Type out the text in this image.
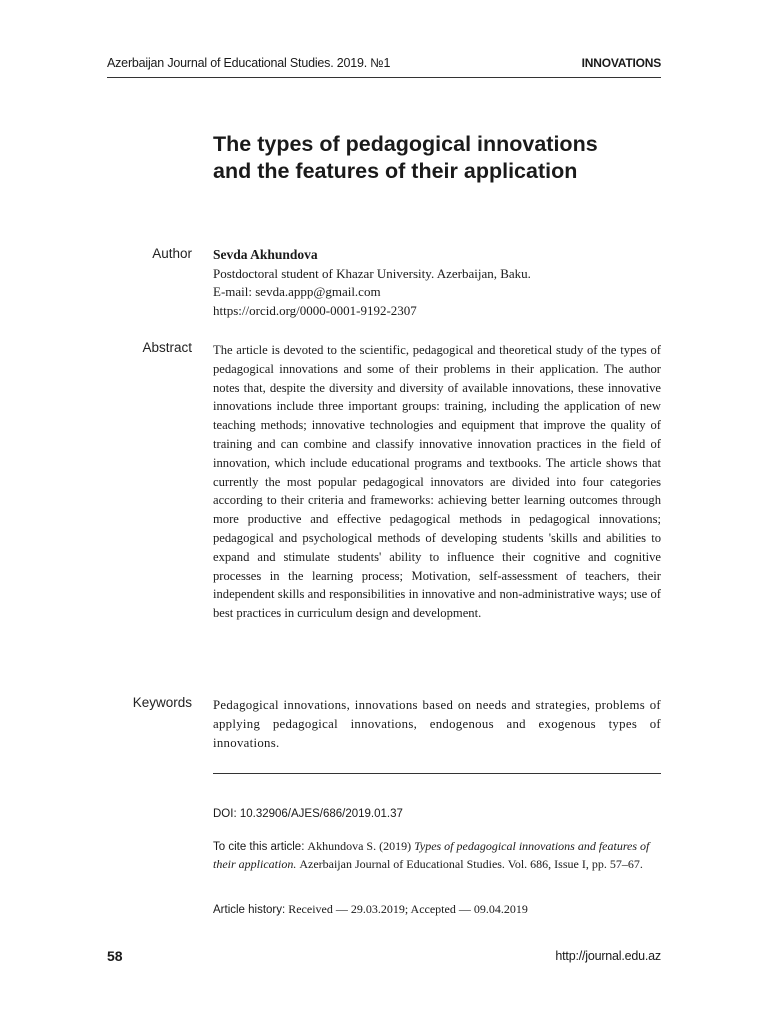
Azerbaijan Journal of Educational Studies. 2019. №1	INNOVATIONS
The types of pedagogical innovations
and the features of their application
Author Sevda Akhundova
Postdoctoral student of Khazar University. Azerbaijan, Baku.
E-mail: sevda.appp@gmail.com
https://orcid.org/0000-0001-9192-2307
Abstract The article is devoted to the scientific, pedagogical and theoretical study of the types of pedagogical innovations and some of their problems in their application. The author notes that, despite the diversity and diversity of available innovations, these innovative innovations include three important groups: training, including the application of new teaching methods; innovative technologies and equipment that improve the quality of training and can combine and classify innovative innovation practices in the field of innovation, which include educational programs and textbooks. The article shows that currently the most popular pedagogical innovators are divided into four categories according to their criteria and frameworks: achieving better learning outcomes through more productive and effective pedagogical methods in pedagogical innovations; pedagogical and psychological methods of developing students 'skills and abilities to expand and stimulate students' ability to influence their cognitive and cognitive processes in the learning process; Motivation, self-assessment of teachers, their independent skills and responsibilities in innovative and non-administrative ways; use of best practices in curriculum design and development.

Keywords Pedagogical innovations, innovations based on needs and strategies, problems of applying pedagogical innovations, endogenous and exogenous types of innovations.

DOI: 10.32906/AJES/686/2019.01.37
To cite this article: Akhundova S. (2019) Types of pedagogical innovations and features of their application. Azerbaijan Journal of Educational Studies. Vol. 686, Issue I, pp. 57–67.
Article history: Received — 29.03.2019; Accepted — 09.04.2019
58	http://journal.edu.az
